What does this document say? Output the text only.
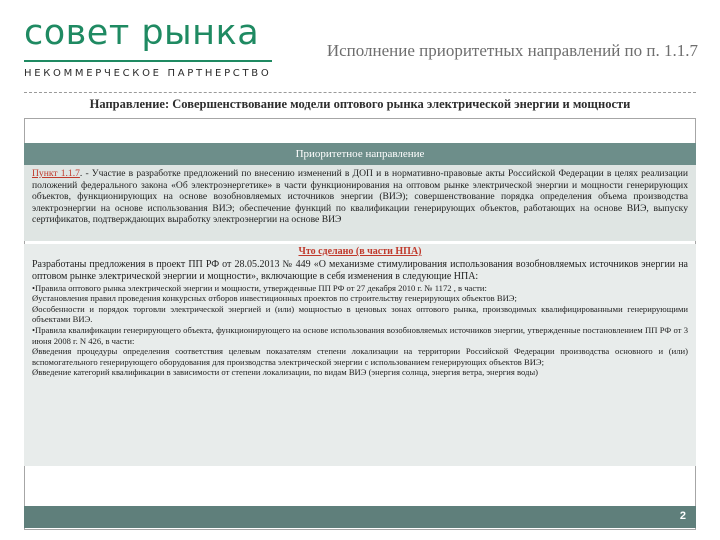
совет рынка
НЕКОММЕРЧЕСКОЕ ПАРТНЕРСТВО
Исполнение приоритетных направлений по п. 1.1.7
Направление: Совершенствование модели оптового рынка электрической энергии и мощности
Приоритетное направление
Пункт 1.1.7. - Участие в разработке предложений по внесению изменений в ДОП и в нормативно-правовые акты Российской Федерации в целях реализации положений федерального закона «Об электроэнергетике» в части функционирования на оптовом рынке электрической энергии и мощности генерирующих объектов, функционирующих на основе возобновляемых источников энергии (ВИЭ); совершенствование порядка определения объема производства электроэнергии на основе использования ВИЭ; обеспечение функций по квалификации генерирующих объектов, работающих на основе ВИЭ, выпуску сертификатов, подтверждающих выработку электроэнергии на основе ВИЭ
Что сделано (в части НПА)

Разработаны предложения в проект ПП РФ от 28.05.2013 № 449 «О механизме стимулирования использования возобновляемых источников энергии на оптовом рынке электрической энергии и мощности», включающие в себя изменения в следующие НПА:

•Правила оптового рынка электрической энергии и мощности, утвержденные ПП РФ от 27 декабря 2010 г. № 1172 , в части:

Øустановления правил проведения конкурсных отборов инвестиционных проектов по строительству генерирующих объектов ВИЭ;

Øособенности и порядок торговли электрической энергией и (или) мощностью в ценовых зонах оптового рынка, производимых квалифицированными генерирующими объектами ВИЭ.

•Правила квалификации генерирующего объекта, функционирующего на основе использования возобновляемых источников энергии, утвержденные постановлением ПП РФ от 3 июня 2008 г. N 426, в части:

Øвведения процедуры определения соответствия целевым показателям степени локализации на территории Российской Федерации производства основного и (или) вспомогательного генерирующего оборудования для производства электрической энергии с использованием генерирующих объектов ВИЭ;

Øвведение категорий квалификации в зависимости от степени локализации, по видам ВИЭ (энергия солнца, энергия ветра, энергия воды)

2
